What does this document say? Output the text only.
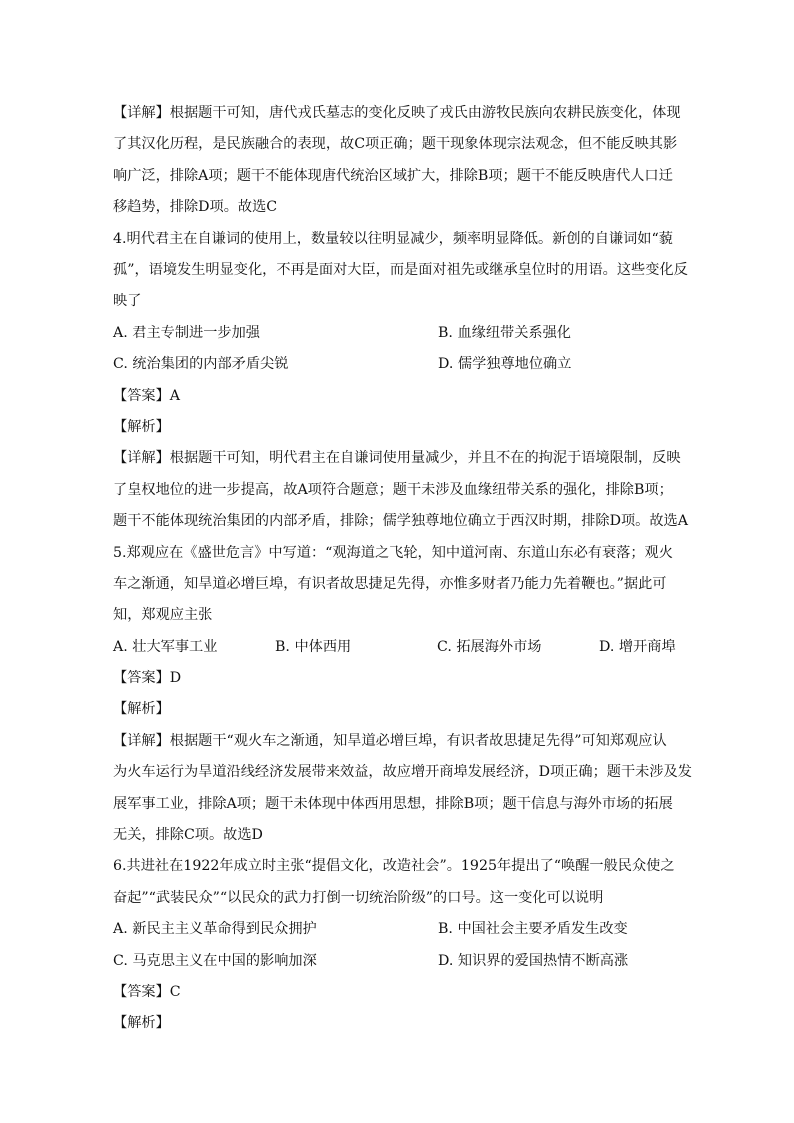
【详解】根据题干可知，唐代戎氏墓志的变化反映了戎氏由游牧民族向农耕民族变化，体现
了其汉化历程，是民族融合的表现，故C项正确；题干现象体现宗法观念，但不能反映其影
响广泛，排除A项；题干不能体现唐代统治区域扩大，排除B项；题干不能反映唐代人口迁
移趋势，排除D项。故选C
4.明代君主在自谦词的使用上，数量较以往明显减少，频率明显降低。新创的自谦词如“藐
孤”，语境发生明显变化，不再是面对大臣，而是面对祖先或继承皇位时的用语。这些变化反
映了
A. 君主专制进一步加强	B. 血缘纽带关系强化
C. 统治集团的内部矛盾尖锐	D. 儒学独尊地位确立
【答案】A
【解析】
【详解】根据题干可知，明代君主在自谦词使用量减少，并且不在的拘泥于语境限制，反映
了皇权地位的进一步提高，故A项符合题意；题干未涉及血缘纽带关系的强化，排除B项；
题干不能体现统治集团的内部矛盾，排除；儒学独尊地位确立于西汉时期，排除D项。故选A
5.郑观应在《盛世危言》中写道：“观海道之飞轮，知中道河南、东道山东必有衰落；观火
车之渐通，知旱道必增巨埠，有识者故思捷足先得，亦惟多财者乃能力先着鞭也。”据此可
知，郑观应主张
A. 壮大军事工业	B. 中体西用	C. 拓展海外市场	D. 增开商埠
【答案】D
【解析】
【详解】根据题干“观火车之渐通，知旱道必增巨埠，有识者故思捷足先得”可知郑观应认
为火车运行为旱道沿线经济发展带来效益，故应增开商埠发展经济，D项正确；题干未涉及发
展军事工业，排除A项；题干未体现中体西用思想，排除B项；题干信息与海外市场的拓展
无关，排除C项。故选D
6.共进社在1922年成立时主张“提倡文化，改造社会”。1925年提出了“唤醒一般民众使之
奋起”“武装民众”“以民众的武力打倒一切统治阶级”的口号。这一变化可以说明
A. 新民主主义革命得到民众拥护	B. 中国社会主要矛盾发生改变
C. 马克思主义在中国的影响加深	D. 知识界的爱国热情不断高涨
【答案】C
【解析】
